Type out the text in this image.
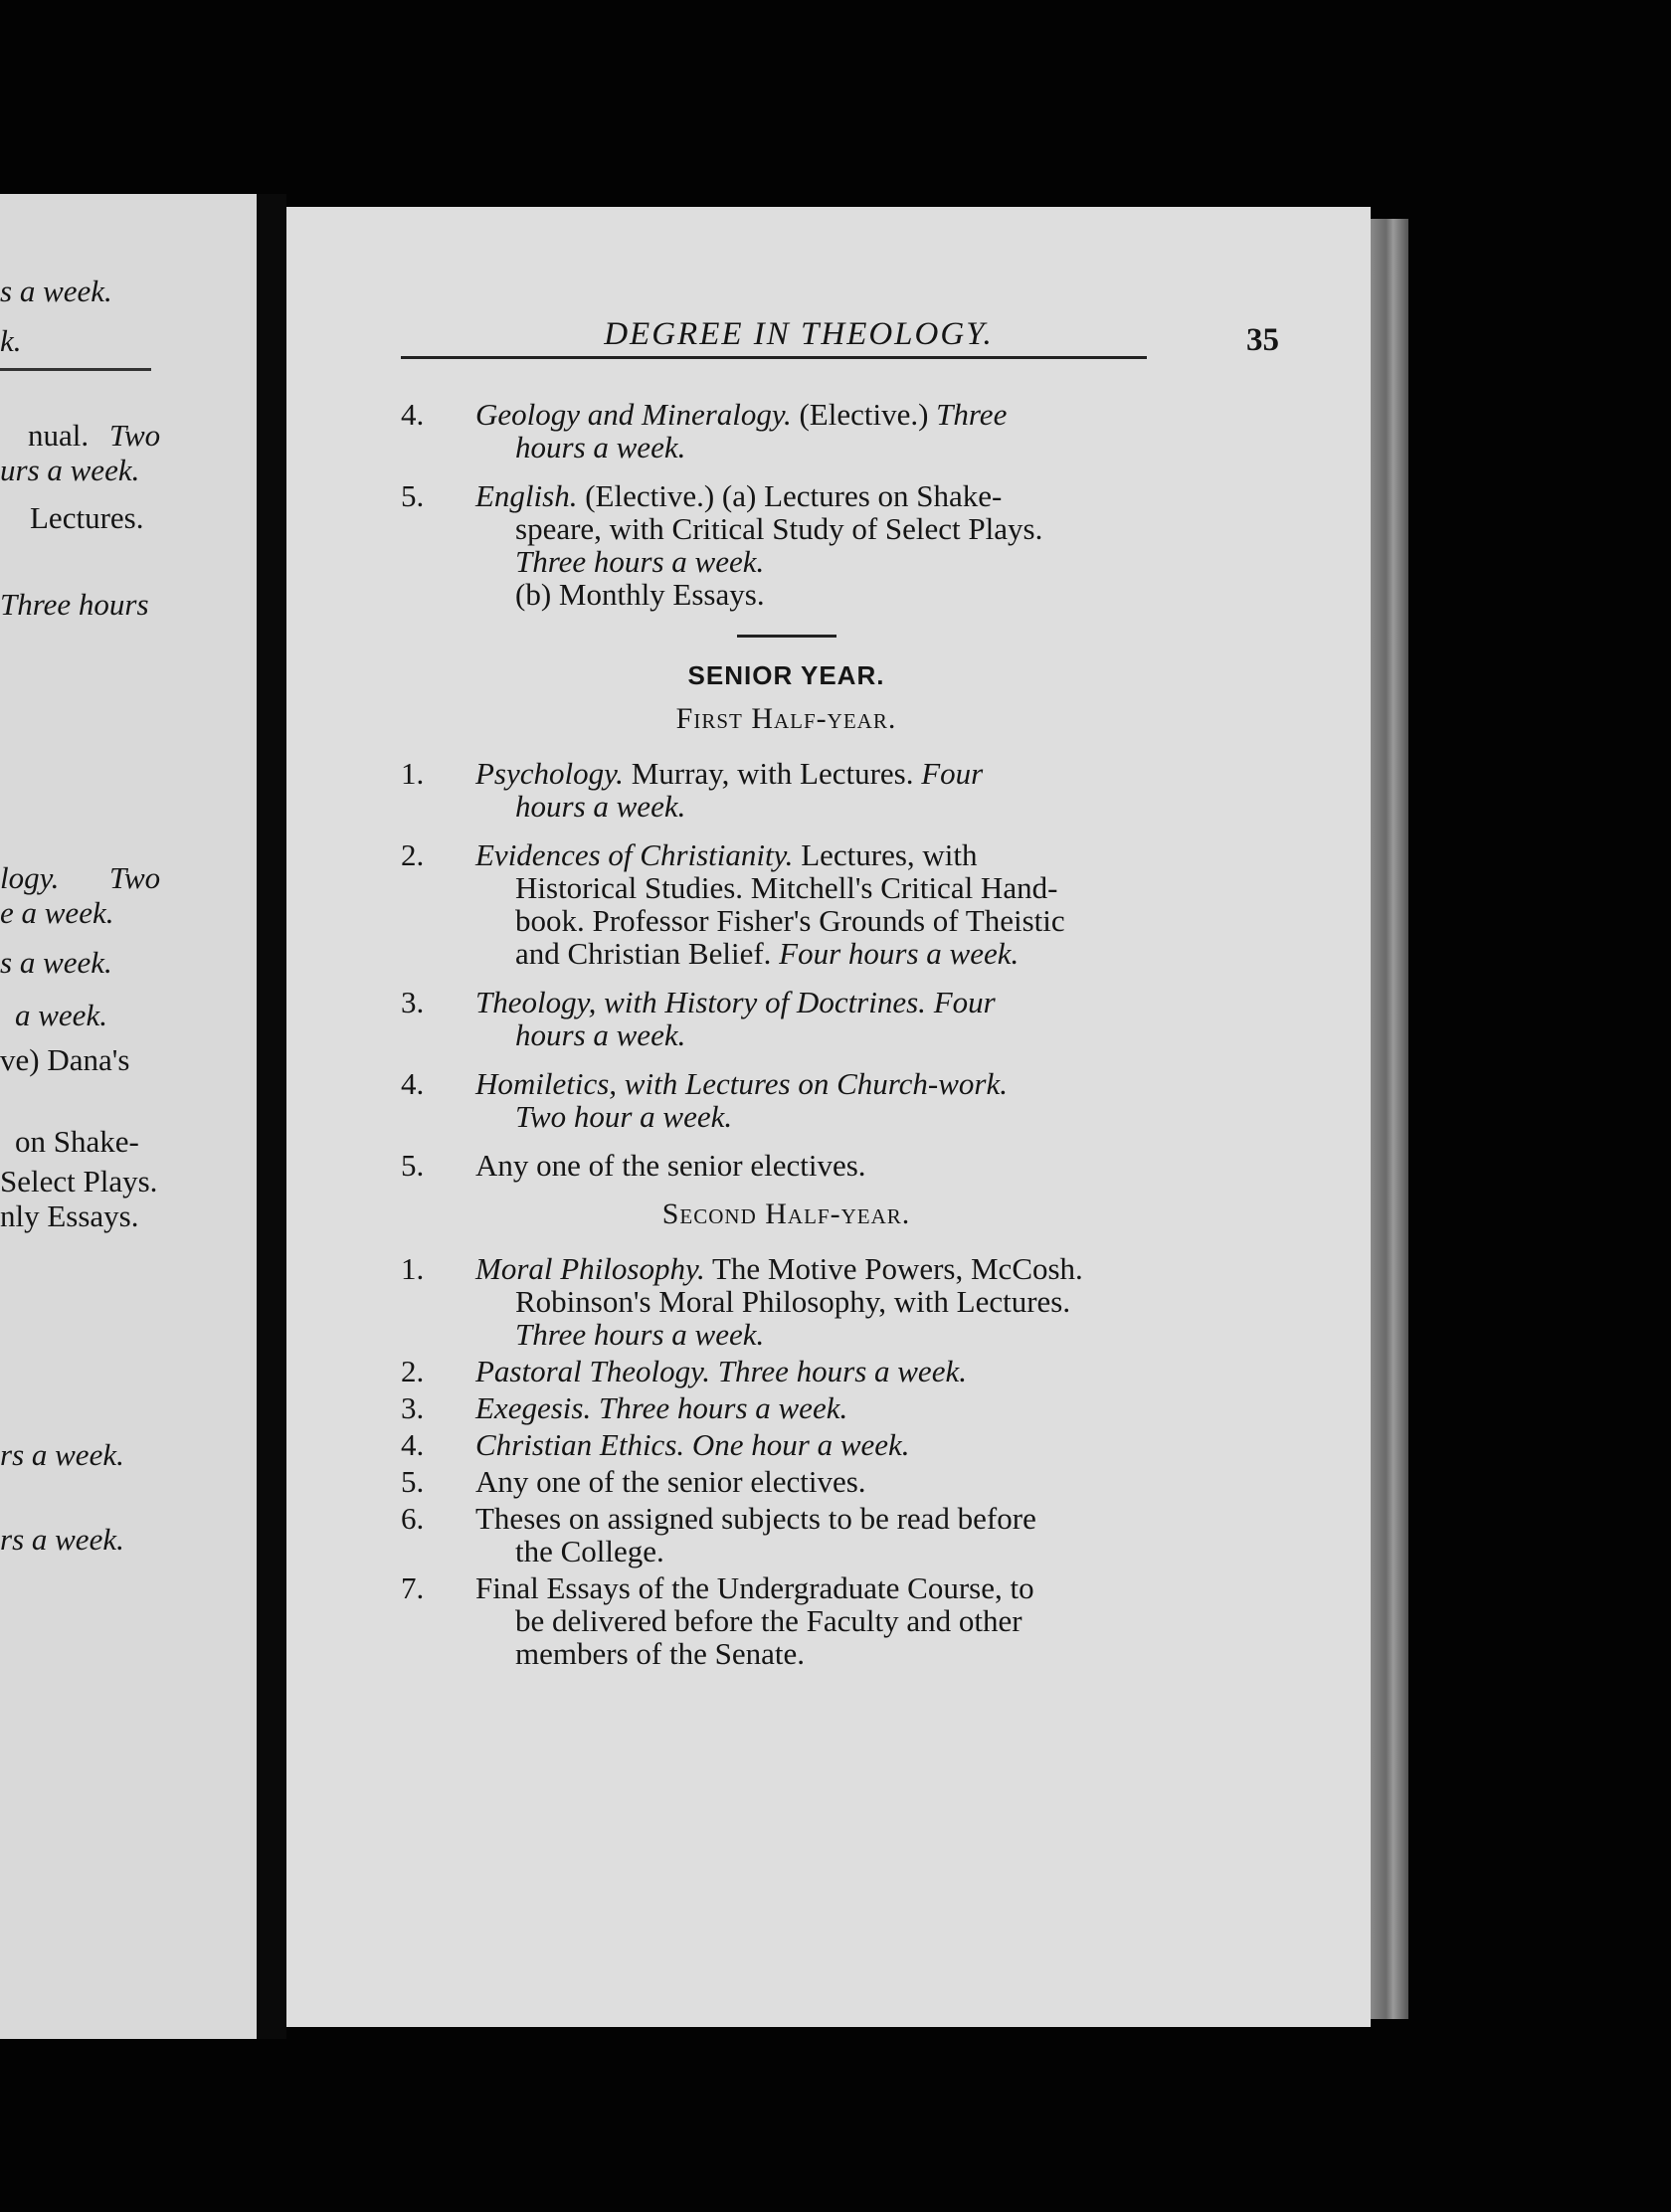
s a week.
k.
nual. Two
urs a week.
Lectures.
Three hours
logy. Two
e a week.
s a week.
a week.
ve) Dana's
on Shake-
Select Plays.
nly Essays.
rs a week.
rs a week.
DEGREE IN THEOLOGY.	35
4. Geology and Mineralogy. (Elective.) Three
hours a week.
5. English. (Elective.) (a) Lectures on Shake-
speare, with Critical Study of Select Plays.
Three hours a week.
(b) Monthly Essays.
SENIOR YEAR.
First Half-year.
1. Psychology. Murray, with Lectures. Four
hours a week.
2. Evidences of Christianity. Lectures, with
Historical Studies. Mitchell's Critical Hand-
book. Professor Fisher's Grounds of Theistic
and Christian Belief. Four hours a week.
3. Theology, with History of Doctrines. Four
hours a week.
4. Homiletics, with Lectures on Church-work.
Two hour a week.
5. Any one of the senior electives.
Second Half-year.
1. Moral Philosophy. The Motive Powers, McCosh.
Robinson's Moral Philosophy, with Lectures.
Three hours a week.
2. Pastoral Theology. Three hours a week.
3. Exegesis. Three hours a week.
4. Christian Ethics. One hour a week.
5. Any one of the senior electives.
6. Theses on assigned subjects to be read before
the College.
7. Final Essays of the Undergraduate Course, to
be delivered before the Faculty and other
members of the Senate.
